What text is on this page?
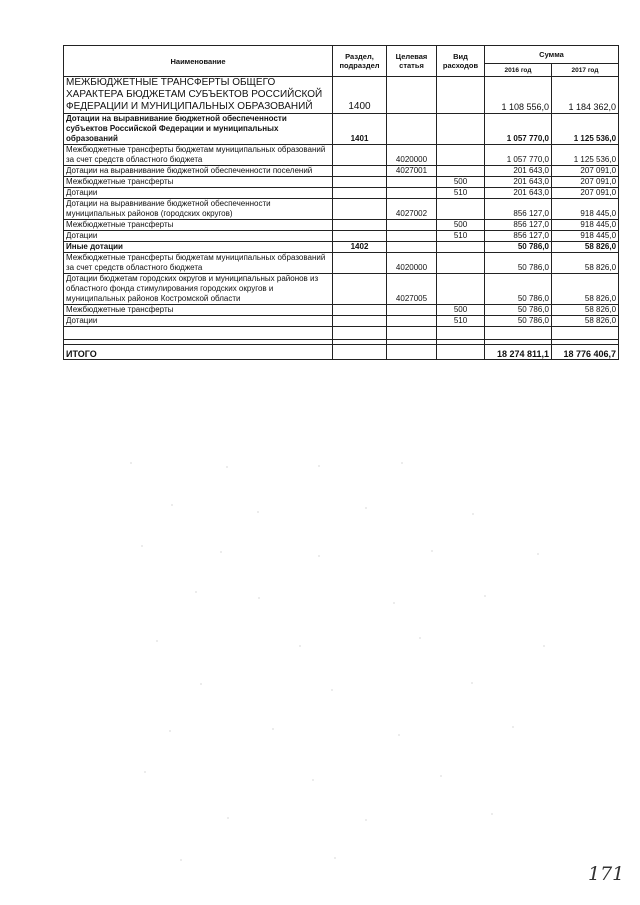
Наименование	Раздел, подраздел	Целевая статья	Вид расходов	Сумма	
				2016 год	2017 год
МЕЖБЮДЖЕТНЫЕ ТРАНСФЕРТЫ ОБЩЕГО ХАРАКТЕРА БЮДЖЕТАМ СУБЪЕКТОВ РОССИЙСКОЙ ФЕДЕРАЦИИ И МУНИЦИПАЛЬНЫХ ОБРАЗОВАНИЙ	1400			1 108 556,0	1 184 362,0
Дотации на выравнивание бюджетной обеспеченности субъектов Российской Федерации и муниципальных образований	1401			1 057 770,0	1 125 536,0
Межбюджетные трансферты бюджетам муниципальных образований за счет средств областного бюджета		4020000		1 057 770,0	1 125 536,0
Дотации на выравнивание бюджетной обеспеченности поселений		4027001		201 643,0	207 091,0
Межбюджетные трансферты			500	201 643,0	207 091,0
Дотации			510	201 643,0	207 091,0
Дотации на выравнивание бюджетной обеспеченности муниципальных районов (городских округов)		4027002		856 127,0	918 445,0
Межбюджетные трансферты			500	856 127,0	918 445,0
Дотации			510	856 127,0	918 445,0
Иные дотации	1402			50 786,0	58 826,0
Межбюджетные трансферты бюджетам муниципальных образований за счет средств областного бюджета		4020000		50 786,0	58 826,0
Дотации бюджетам городских округов и муниципальных районов из областного фонда стимулирования городских округов и муниципальных районов Костромской области		4027005		50 786,0	58 826,0
Межбюджетные трансферты			500	50 786,0	58 826,0
Дотации			510	50 786,0	58 826,0

ИТОГО				18 274 811,1	18 776 406,7
171
